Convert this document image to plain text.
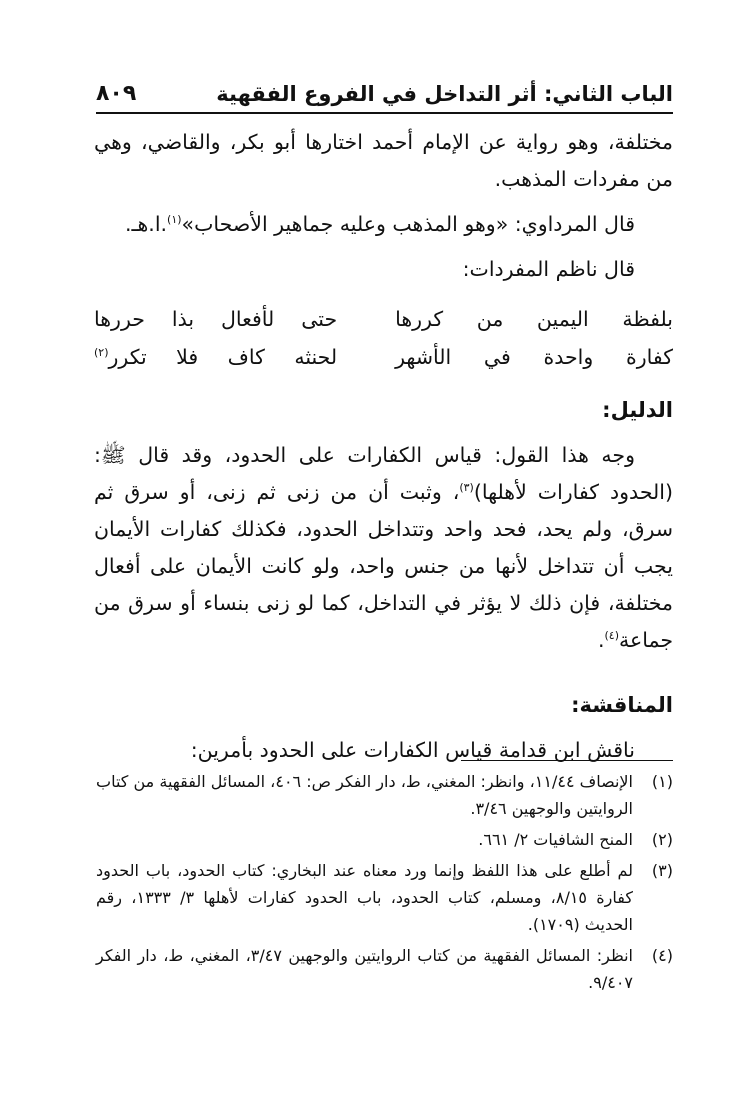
الباب الثاني: أثر التداخل في الفروع الفقهية
٨٠٩

مختلفة، وهو رواية عن الإمام أحمد اختارها أبو بكر، والقاضي، وهي من مفردات المذهب.

قال المرداوي: «وهو المذهب وعليه جماهير الأصحاب»$^{(١)}$.ا.هـ.

قال ناظم المفردات:

بلفظة اليمين من كررها
حتى لأفعال بذا حررها
كفارة واحدة في الأشهر
لحنثه كاف فلا تكرر$^{(٢)}$

الدليل:

وجه هذا القول: قياس الكفارات على الحدود، وقد قال ﷺ: (الحدود كفارات لأهلها)$^{(٣)}$، وثبت أن من زنى ثم زنى، أو سرق ثم سرق، ولم يحد، فحد واحد وتتداخل الحدود، فكذلك كفارات الأيمان يجب أن تتداخل لأنها من جنس واحد، ولو كانت الأيمان على أفعال مختلفة، فإن ذلك لا يؤثر في التداخل، كما لو زنى بنساء أو سرق من جماعة$^{(٤)}$.

المناقشة:

ناقش ابن قدامة قياس الكفارات على الحدود بأمرين:

(١)
الإنصاف ١١/٤٤، وانظر: المغني، ط، دار الفكر ص: ٤٠٦، المسائل الفقهية من كتاب الروايتين والوجهين ٣/٤٦.
(٢)
المنح الشافيات ٢/ ٦٦١.
(٣)
لم أطلع على هذا اللفظ وإنما ورد معناه عند البخاري: كتاب الحدود، باب الحدود كفارة ٨/١٥، ومسلم، كتاب الحدود، باب الحدود كفارات لأهلها ٣/ ١٣٣٣، رقم الحديث (١٧٠٩).
(٤)
انظر: المسائل الفقهية من كتاب الروايتين والوجهين ٣/٤٧، المغني، ط، دار الفكر ٩/٤٠٧.
